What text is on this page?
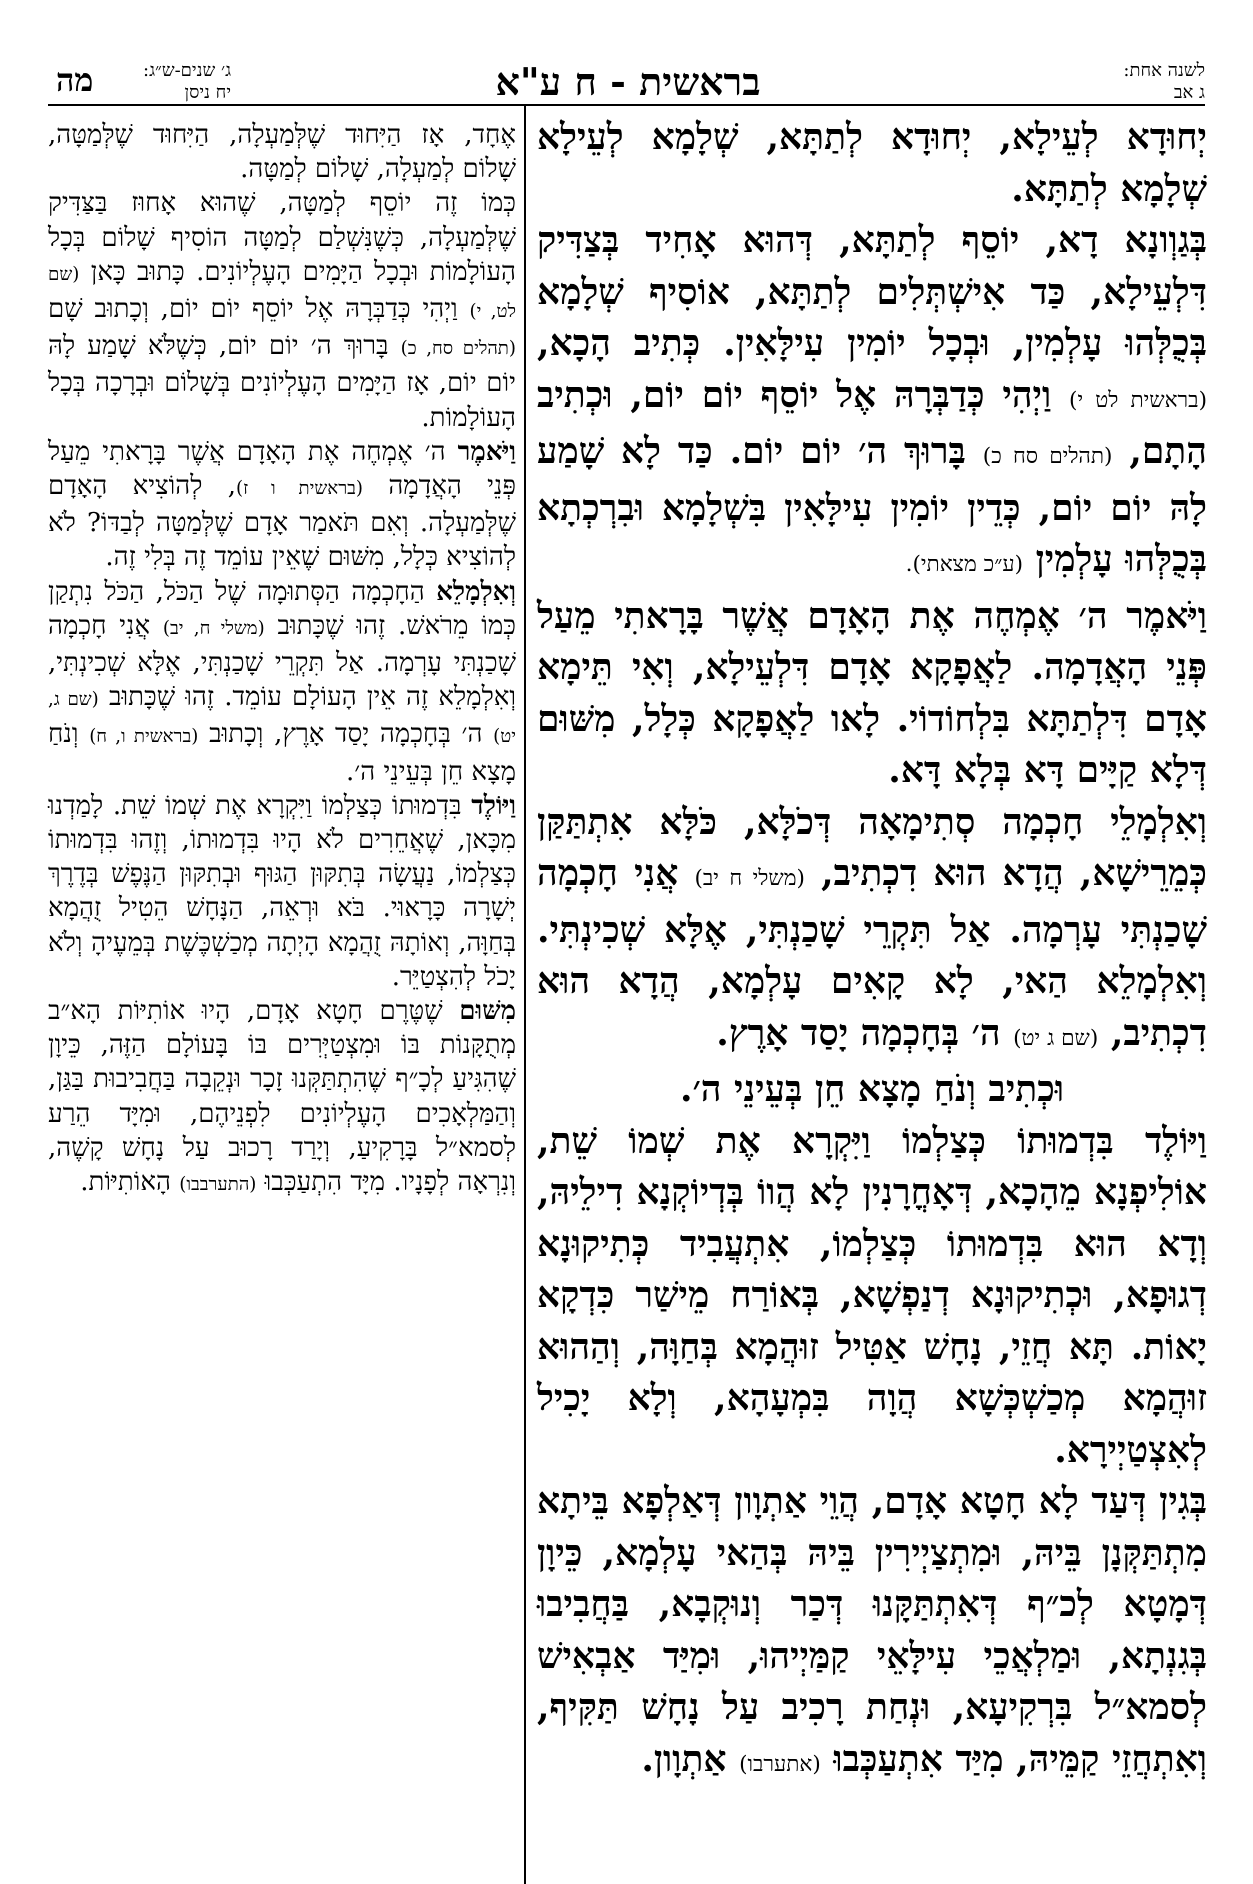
לשנה אחת:
ג אב
בראשית - ח ע"א
ג׳ שנים-ש״ג:
יח ניסן
מה

יְחוּדָא לְעֵילָא, יְחוּדָא לְתַתָּא, שְׁלָמָא לְעֵילָא שְׁלָמָא לְתַתָּא.

בְּגַוְונָא דָא, יוֹסֵף לְתַתָּא, דְּהוּא אָחִיד בְּצַדִּיק דִּלְעֵילָא, כַּד אִישְׁתְּלִים לְתַתָּא, אוֹסִיף שְׁלָמָא בְּכֻלְּהוּ עָלְמִין, וּבְכָל יוֹמִין עִילָּאִין. כְּתִיב הָכָא, (בראשית לט י) וַיְהִי כְּדַבְּרָהּ אֶל יוֹסֵף יוֹם יוֹם, וּכְתִיב הָתָם, (תהלים סח כ) בָּרוּךְ ה׳ יוֹם יוֹם. כַּד לָא שָׁמַע לָהּ יוֹם יוֹם, כְּדֵין יוֹמִין עִילָּאִין בִּשְׁלָמָא וּבִרְכְתָא בְּכֻלְּהוּ עָלְמִין (ע״כ מצאתי).

וַיֹּאמֶר ה׳ אֶמְחֶה אֶת הָאָדָם אֲשֶׁר בָּרָאתִי מֵעַל פְּנֵי הָאֲדָמָה. לַאֲפָקָא אָדָם דִּלְעֵילָא, וְאִי תֵּימָא אָדָם דִּלְתַתָּא בִּלְחוֹדוֹי. לָאו לַאֲפָקָא כְּלָל, מִשּׁוּם דְּלָא קַיָּים דָּא בְּלָא דָּא.

וְאִלְמָלֵי חָכְמָה סְתִימָאָה דְּכֹלָּא, כֹּלָּא אִתְתַּקַּן כְּמֵרֵישָׁא, הֲדָא הוּא דִכְתִיב, (משלי ח יב) אֲנִי חָכְמָה שָׁכַנְתִּי עָרְמָה. אַל תִּקְרֵי שָׁכַנְתִּי, אֶלָּא שְׁכִינְתִּי. וְאִלְמָלֵא הַאי, לָא קָאִים עָלְמָא, הֲדָא הוּא דִכְתִיב, (שם ג יט) ה׳ בְּחָכְמָה יָסַד אָרֶץ.

וּכְתִיב וְנֹחַ מָצָא חֵן בְּעֵינֵי ה׳.

וַיּוֹלֶד בִּדְמוּתוֹ כְּצַלְמוֹ וַיִּקְרָא אֶת שְׁמוֹ שֵׁת, אוֹלִיפְנָא מֵהָכָא, דְּאָחֳרָנִין לָא הֲווֹ בְּדְיוֹקְנָא דִילֵיהּ, וְדָא הוּא בִּדְמוּתוֹ כְּצַלְמוֹ, אִתְעֲבִיד כְּתִיקוּנָא דְגוּפָא, וּכְתִיקוּנָא דְנַפְשָׁא, בְּאוֹרַח מֵישַׁר כִּדְקָא יָאוֹת. תָּא חֲזֵי, נָחָשׁ אַטִּיל זוּהֲמָא בְּחַוָּה, וְהַהוּא זוּהֲמָא מְכַשְׁכְּשָׁא הֲוָה בִּמְעָהָא, וְלָא יָכִיל לְאִצְטַיְירָא.

בְּגִין דְּעַד לָא חָטָא אָדָם, הֲוֵי אַתְוָון דְּאַלְפָא בֵּיתָא מִתְתַּקְּנָן בֵּיהּ, וּמִתְצַיְירִין בֵּיהּ בְּהַאי עָלְמָא, כֵּיוָן דְּמָטָא לְכ״ף דְּאִתְתַּקָּנוּ דְּכַר וְנוּקְבָא, בַּחֲבִיבוּ בְּגִנְתָא, וּמַלְאֲכֵי עִילָּאֵי קַמַּיְיהוּ, וּמִיַּד אַבְאִישׁ לְסמא״ל בִּרְקִיעָא, וּנְחַת רָכִיב עַל נָחָשׁ תַּקִּיף, וְאִתְחֲזֵי קַמֵּיהּ, מִיַּד אִתְעַכְּבוּ (אתערבו) אַתְוָון.

אֶחָד, אָז הַיִּחוּד שֶׁלְּמַעְלָה, הַיִּחוּד שֶׁלְּמַטָּה, שָׁלוֹם לְמַעְלָה, שָׁלוֹם לְמַטָּה.

כְּמוֹ זֶה יוֹסֵף לְמַטָּה, שֶׁהוּא אָחוּז בַּצַּדִּיק שֶׁלְּמַעְלָה, כְּשֶׁנִּשְׁלַם לְמַטָּה הוֹסִיף שָׁלוֹם בְּכָל הָעוֹלָמוֹת וּבְכָל הַיָּמִים הָעֶלְיוֹנִים. כָּתוּב כָּאן (שם לט, י) וַיְהִי כְּדַבְּרָהּ אֶל יוֹסֵף יוֹם יוֹם, וְכָתוּב שָׁם (תהלים סח, כ) בָּרוּךְ ה׳ יוֹם יוֹם, כְּשֶׁלֹּא שָׁמַע לָהּ יוֹם יוֹם, אָז הַיָּמִים הָעֶלְיוֹנִים בְּשָׁלוֹם וּבְרָכָה בְּכָל הָעוֹלָמוֹת.

וַיֹּאמֶר ה׳ אֶמְחֶה אֶת הָאָדָם אֲשֶׁר בָּרָאתִי מֵעַל פְּנֵי הָאֲדָמָה (בראשית ו ז), לְהוֹצִיא הָאָדָם שֶׁלְּמַעְלָה. וְאִם תֹּאמַר אָדָם שֶׁלְּמַטָּה לְבַדּוֹ? לֹא לְהוֹצִיא כְּלָל, מִשּׁוּם שֶׁאֵין עוֹמֵד זֶה בְּלִי זֶה.

וְאִלְמָלֵא הַחָכְמָה הַסְּתוּמָה שֶׁל הַכֹּל, הַכֹּל נִתְקַן כְּמוֹ מֵרֹאשׁ. זֶהוּ שֶׁכָּתוּב (משלי ח, יב) אֲנִי חָכְמָה שָׁכַנְתִּי עָרְמָה. אַל תִּקְרֵי שָׁכַנְתִּי, אֶלָּא שְׁכִינְתִּי, וְאִלְמָלֵא זֶה אֵין הָעוֹלָם עוֹמֵד. זֶהוּ שֶׁכָּתוּב (שם ג, יט) ה׳ בְּחָכְמָה יָסַד אָרֶץ, וְכָתוּב (בראשית ו, ח) וְנֹחַ מָצָא חֵן בְּעֵינֵי ה׳.

וַיּוֹלֶד בִּדְמוּתוֹ כְּצַלְמוֹ וַיִּקְרָא אֶת שְׁמוֹ שֵׁת. לָמַדְנוּ מִכָּאן, שֶׁאֲחֵרִים לֹא הָיוּ בִּדְמוּתוֹ, וְזֶהוּ בִּדְמוּתוֹ כְּצַלְמוֹ, נַעֲשָׂה בְּתִקּוּן הַגּוּף וּבְתִקּוּן הַנֶּפֶשׁ בְּדֶרֶךְ יְשָׁרָה כָּרָאוּי. בֹּא וּרְאֵה, הַנָּחָשׁ הֵטִיל זֻהֲמָא בְּחַוָּה, וְאוֹתָהּ זֻהֲמָא הָיְתָה מְכַשְׁכֶּשֶׁת בְּמֵעֶיהָ וְלֹא יָכֹל לְהִצְטַיֵּר.

מִשּׁוּם שֶׁטֶּרֶם חָטָא אָדָם, הָיוּ אוֹתִיּוֹת הָא״ב מְתֻקָּנוֹת בּוֹ וּמִצְטַיְּרִים בּוֹ בָּעוֹלָם הַזֶּה, כֵּיוָן שֶׁהִגִּיעַ לְכָ״ף שֶׁהִתְתַּקְּנוּ זָכָר וּנְקֵבָה בַּחֲבִיבוּת בַּגַּן, וְהַמַּלְאָכִים הָעֶלְיוֹנִים לִפְנֵיהֶם, וּמִיָּד הֵרַע לְסמא״ל בָּרָקִיעַ, וְיָרַד רָכוּב עַל נָחָשׁ קָשֶׁה, וְנִרְאָה לְפָנָיו. מִיָּד הִתְעַכְּבוּ (התערבבו) הָאוֹתִיּוֹת.
